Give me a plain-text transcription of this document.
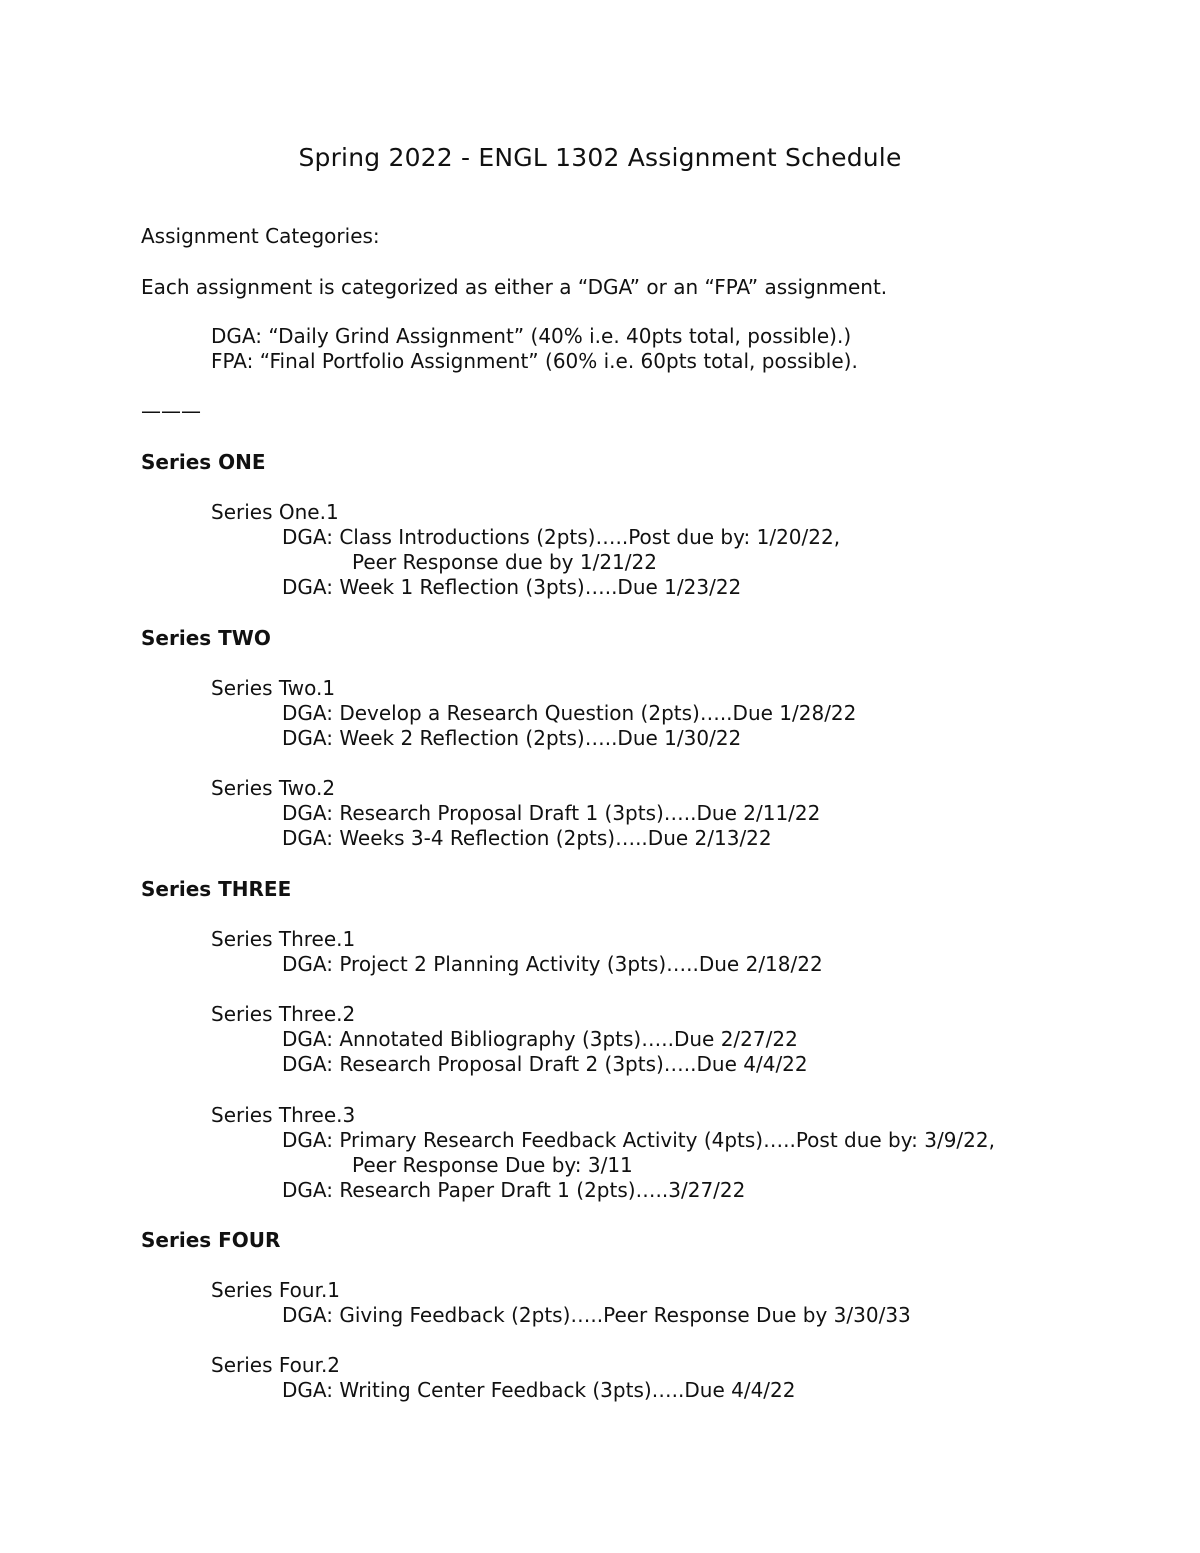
Spring 2022 - ENGL 1302 Assignment Schedule
Assignment Categories:
Each assignment is categorized as either a “DGA” or an “FPA” assignment.
DGA: “Daily Grind Assignment” (40% i.e. 40pts total, possible).)
FPA: “Final Portfolio Assignment” (60% i.e. 60pts total, possible).
———
Series ONE
Series One.1
DGA: Class Introductions (2pts)…..Post due by: 1/20/22,
Peer Response due by 1/21/22
DGA: Week 1 Reflection (3pts)…..Due 1/23/22
Series TWO
Series Two.1
DGA: Develop a Research Question (2pts)…..Due 1/28/22
DGA: Week 2 Reflection (2pts)…..Due 1/30/22
Series Two.2
DGA: Research Proposal Draft 1 (3pts)…..Due 2/11/22
DGA: Weeks 3-4 Reflection (2pts)…..Due 2/13/22
Series THREE
Series Three.1
DGA: Project 2 Planning Activity (3pts)…..Due 2/18/22
Series Three.2
DGA: Annotated Bibliography (3pts)…..Due 2/27/22
DGA: Research Proposal Draft 2 (3pts)…..Due 4/4/22
Series Three.3
DGA: Primary Research Feedback Activity (4pts)…..Post due by: 3/9/22,
Peer Response Due by: 3/11
DGA: Research Paper Draft 1 (2pts)…..3/27/22
Series FOUR
Series Four.1
DGA: Giving Feedback (2pts)…..Peer Response Due by 3/30/33
Series Four.2
DGA: Writing Center Feedback (3pts)…..Due 4/4/22
